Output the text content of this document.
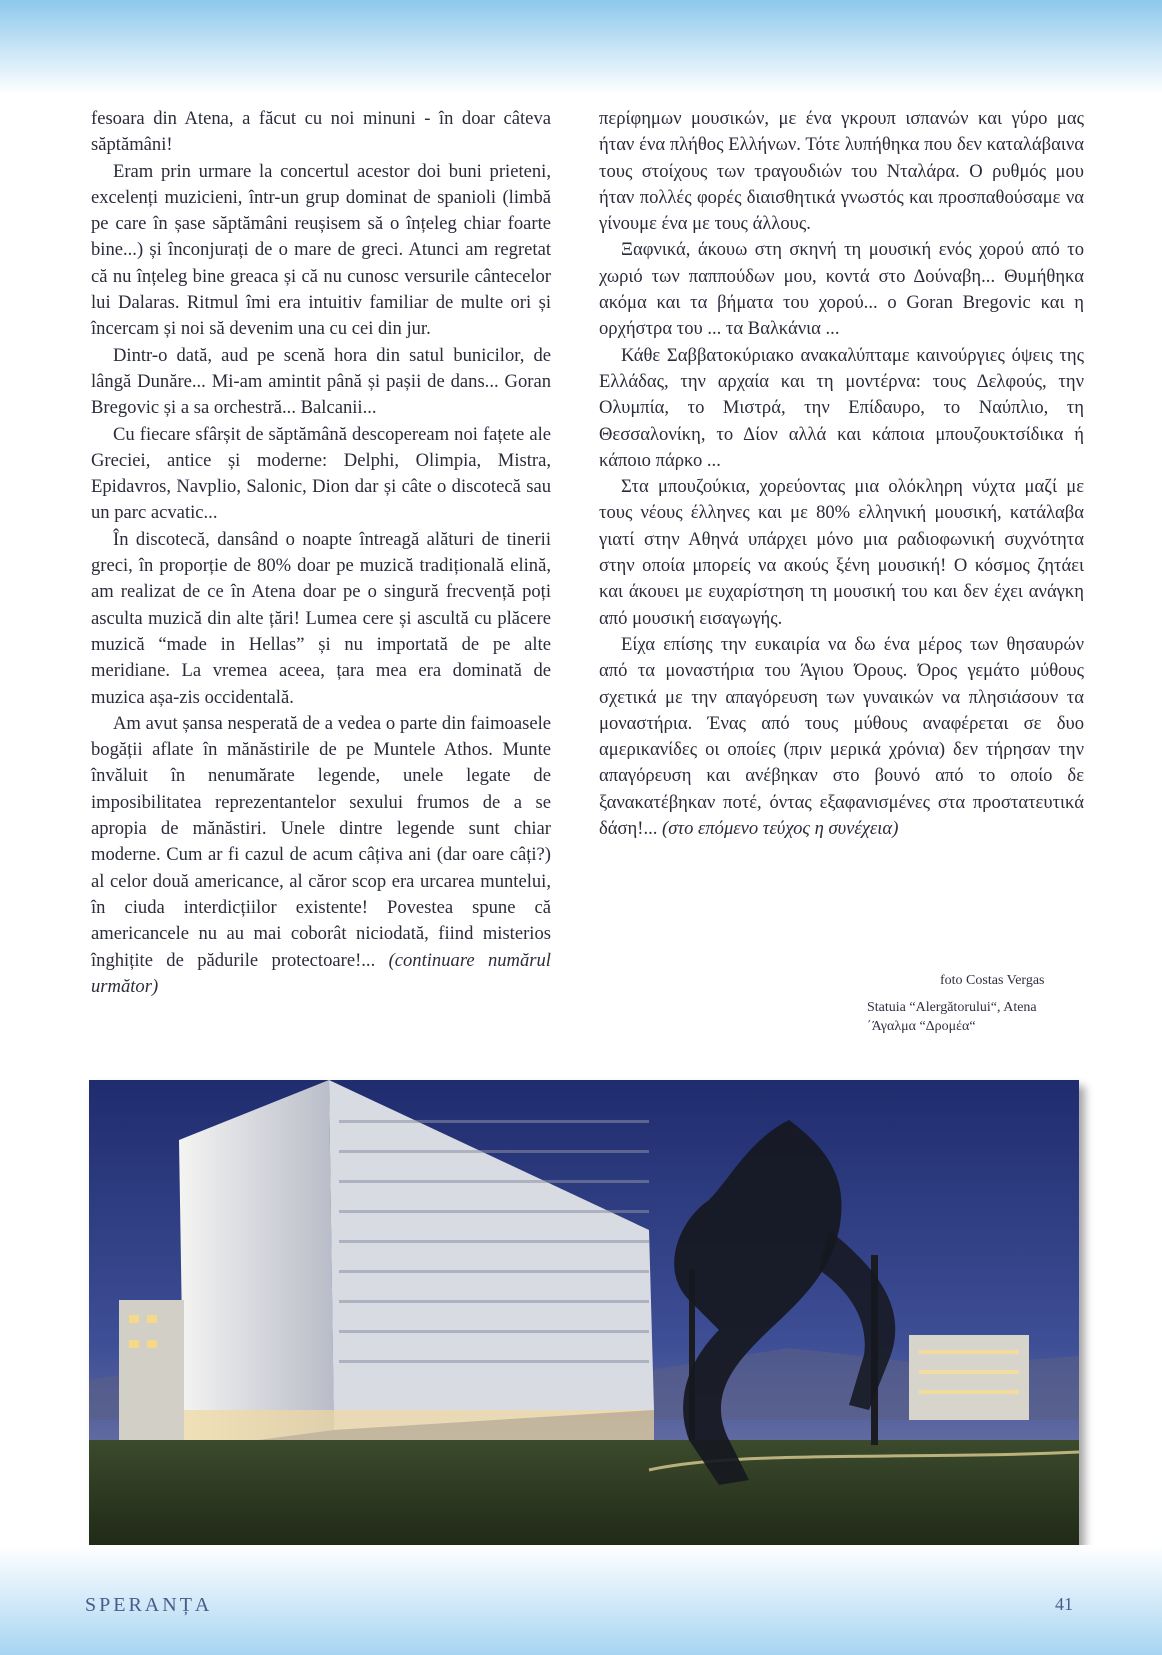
fesoara din Atena, a făcut cu noi minuni - în doar câteva săptămâni!

Eram prin urmare la concertul acestor doi buni prieteni, excelenți muzicieni, într-un grup dominat de spanioli (limbă pe care în șase săptămâni reușisem să o înțeleg chiar foarte bine...) și înconjurați de o mare de greci. Atunci am regretat că nu înțeleg bine greaca și că nu cunosc versurile cântecelor lui Dalaras. Ritmul îmi era intuitiv familiar de multe ori și încercam și noi să devenim una cu cei din jur.

Dintr-o dată, aud pe scenă hora din satul bunicilor, de lângă Dunăre... Mi-am amintit până și pașii de dans... Goran Bregovic și a sa orchestră... Balcanii...

Cu fiecare sfârșit de săptămână descopeream noi fațete ale Greciei, antice și moderne: Delphi, Olimpia, Mistra, Epidavros, Navplio, Salonic, Dion dar și câte o discotecă sau un parc acvatic...

În discotecă, dansând o noapte întreagă alături de tinerii greci, în proporție de 80% doar pe muzică tradițională elină, am realizat de ce în Atena doar pe o singură frecvență poți asculta muzică din alte țări! Lumea cere și ascultă cu plăcere muzică “made in Hellas” și nu importată de pe alte meridiane. La vremea aceea, țara mea era dominată de muzica așa-zis occidentală.

Am avut șansa nesperată de a vedea o parte din faimoasele bogății aflate în mănăstirile de pe Muntele Athos. Munte învăluit în nenumărate legende, unele legate de imposibilitatea reprezentantelor sexului frumos de a se apropia de mănăstiri. Unele dintre legende sunt chiar moderne. Cum ar fi cazul de acum câțiva ani (dar oare câți?) al celor două americance, al căror scop era urcarea muntelui, în ciuda interdicțiilor existente! Povestea spune că americancele nu au mai coborât niciodată, fiind misterios înghițite de pădurile protectoare!... (continuare numărul următor)

περίφημων μουσικών, με ένα γκρουπ ισπανών και γύρο μας ήταν ένα πλήθος Ελλήνων. Τότε λυπήθηκα που δεν καταλάβαινα τους στοίχους των τραγουδιών του Νταλάρα. Ο ρυθμός μου ήταν πολλές φορές διαισθητικά γνωστός και προσπαθούσαμε να γίνουμε ένα με τους άλλους.

Ξαφνικά, άκουω στη σκηνή τη μουσική ενός χορού από το χωριό των παππούδων μου, κοντά στο Δούναβη... Θυμήθηκα ακόμα και τα βήματα του χορού... ο Goran Bregovic και η ορχήστρα του ... τα Βαλκάνια ...

Κάθε Σαββατοκύριακο ανακαλύπταμε καινούργιες όψεις της Ελλάδας, την αρχαία και τη μοντέρνα: τους Δελφούς, την Ολυμπία, το Μιστρά, την Επίδαυρο, το Ναύπλιο, τη Θεσσαλονίκη, το Δίον αλλά και κάποια μπουζουκτσίδικα ή κάποιο πάρκο ...

Στα μπουζούκια, χορεύοντας μια ολόκληρη νύχτα μαζί με τους νέους έλληνες και με 80% ελληνική μουσική, κατάλαβα γιατί στην Αθηνά υπάρχει μόνο μια ραδιοφωνική συχνότητα στην οποία μπορείς να ακούς ξένη μουσική! Ο κόσμος ζητάει και άκουει με ευχαρίστηση τη μουσική του και δεν έχει ανάγκη από μουσική εισαγωγής.

Είχα επίσης την ευκαιρία να δω ένα μέρος των θησαυρών από τα μοναστήρια του Άγιου Όρους. Όρος γεμάτο μύθους σχετικά με την απαγόρευση των γυναικών να πλησιάσουν τα μοναστήρια. Ένας από τους μύθους αναφέρεται σε δυο αμερικανίδες οι οποίες (πριν μερικά χρόνια) δεν τήρησαν την απαγόρευση και ανέβηκαν στο βουνό από το οποίο δε ξανακατέβηκαν ποτέ, όντας εξαφανισμένες στα προστατευτικά δάση!... (στο επόμενο τεύχος η συνέχεια)

foto Costas Vergas
Statuia “Alergătorului“, Atena
΄Άγαλμα “Δρομέα“
SPERANȚA	41
